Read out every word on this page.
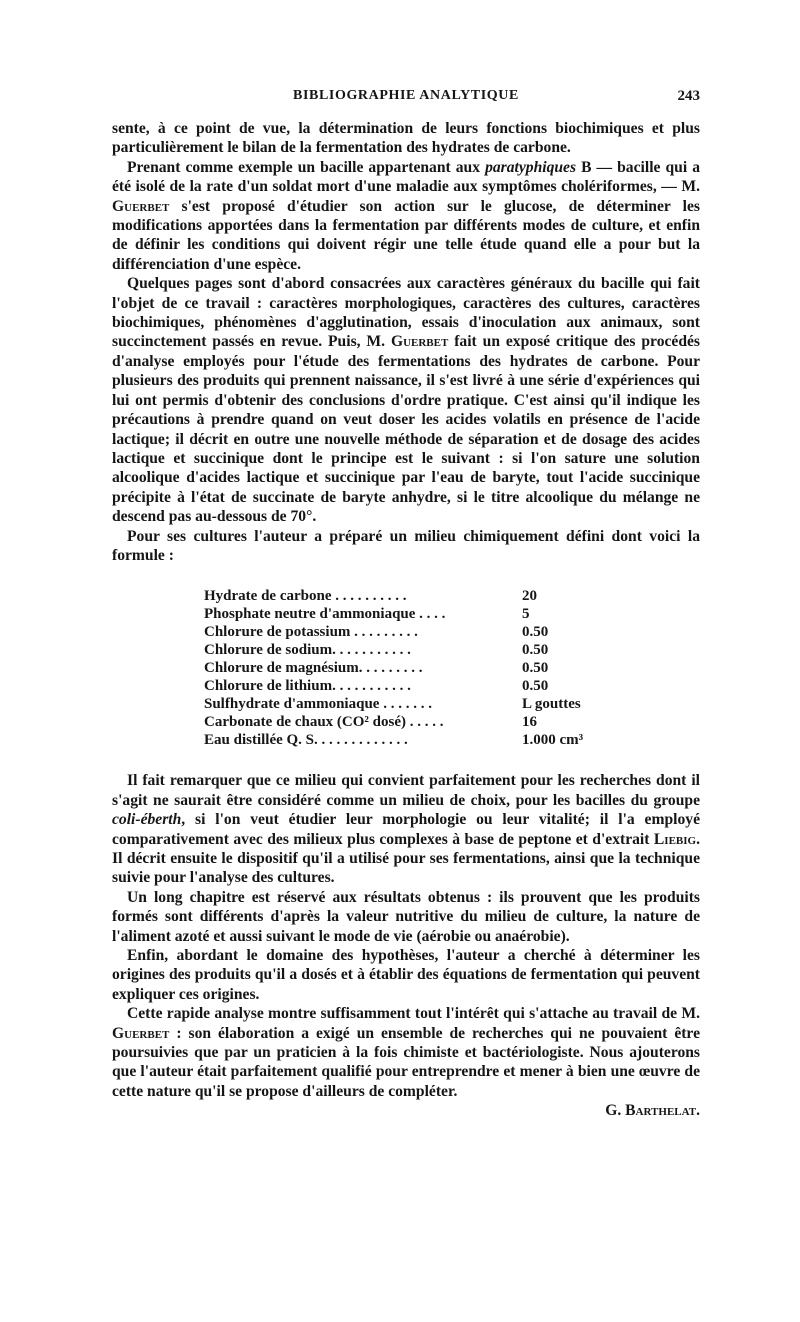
BIBLIOGRAPHIE ANALYTIQUE	243

sente, à ce point de vue, la détermination de leurs fonctions biochimiques et plus particulièrement le bilan de la fermentation des hydrates de carbone.

Prenant comme exemple un bacille appartenant aux paratyphiques B — bacille qui a été isolé de la rate d'un soldat mort d'une maladie aux symptômes cholériformes, — M. Guerbet s'est proposé d'étudier son action sur le glucose, de déterminer les modifications apportées dans la fermentation par différents modes de culture, et enfin de définir les conditions qui doivent régir une telle étude quand elle a pour but la différenciation d'une espèce.

Quelques pages sont d'abord consacrées aux caractères généraux du bacille qui fait l'objet de ce travail : caractères morphologiques, caractères des cultures, caractères biochimiques, phénomènes d'agglutination, essais d'inoculation aux animaux, sont succinctement passés en revue. Puis, M. Guerbet fait un exposé critique des procédés d'analyse employés pour l'étude des fermentations des hydrates de carbone. Pour plusieurs des produits qui prennent naissance, il s'est livré à une série d'expériences qui lui ont permis d'obtenir des conclusions d'ordre pratique. C'est ainsi qu'il indique les précautions à prendre quand on veut doser les acides volatils en présence de l'acide lactique; il décrit en outre une nouvelle méthode de séparation et de dosage des acides lactique et succinique dont le principe est le suivant : si l'on sature une solution alcoolique d'acides lactique et succinique par l'eau de baryte, tout l'acide succinique précipite à l'état de succinate de baryte anhydre, si le titre alcoolique du mélange ne descend pas au-dessous de 70°.

Pour ses cultures l'auteur a préparé un milieu chimiquement défini dont voici la formule :

Hydrate de carbone . . . . . . . . . .	20
Phosphate neutre d'ammoniaque . . . .	5
Chlorure de potassium . . . . . . . . .	0.50
Chlorure de sodium. . . . . . . . . . .	0.50
Chlorure de magnésium. . . . . . . . .	0.50
Chlorure de lithium. . . . . . . . . . .	0.50
Sulfhydrate d'ammoniaque . . . . . . .	L gouttes
Carbonate de chaux (CO² dosé) . . . . .	16
Eau distillée Q. S. . . . . . . . . . . . .	1.000 cm³

Il fait remarquer que ce milieu qui convient parfaitement pour les recherches dont il s'agit ne saurait être considéré comme un milieu de choix, pour les bacilles du groupe coli-éberth, si l'on veut étudier leur morphologie ou leur vitalité; il l'a employé comparativement avec des milieux plus complexes à base de peptone et d'extrait Liebig. Il décrit ensuite le dispositif qu'il a utilisé pour ses fermentations, ainsi que la technique suivie pour l'analyse des cultures.

Un long chapitre est réservé aux résultats obtenus : ils prouvent que les produits formés sont différents d'après la valeur nutritive du milieu de culture, la nature de l'aliment azoté et aussi suivant le mode de vie (aérobie ou anaérobie).

Enfin, abordant le domaine des hypothèses, l'auteur a cherché à déterminer les origines des produits qu'il a dosés et à établir des équations de fermentation qui peuvent expliquer ces origines.

Cette rapide analyse montre suffisamment tout l'intérêt qui s'attache au travail de M. Guerbet : son élaboration a exigé un ensemble de recherches qui ne pouvaient être poursuivies que par un praticien à la fois chimiste et bactériologiste. Nous ajouterons que l'auteur était parfaitement qualifié pour entreprendre et mener à bien une œuvre de cette nature qu'il se propose d'ailleurs de compléter.

G. Barthelat.
